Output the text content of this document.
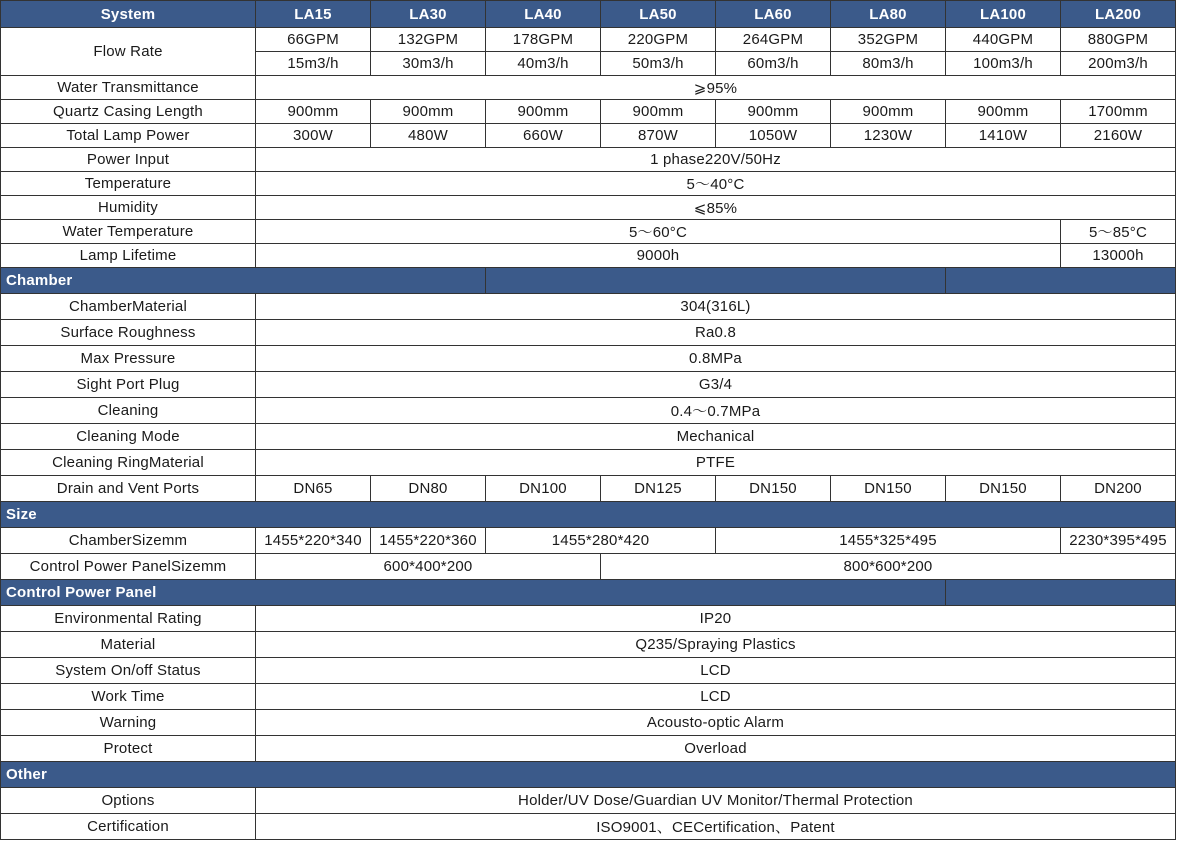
System	LA15	LA30	LA40	LA50	LA60	LA80	LA100	LA200
Flow Rate	66GPM	132GPM	178GPM	220GPM	264GPM	352GPM	440GPM	880GPM
	15m3/h	30m3/h	40m3/h	50m3/h	60m3/h	80m3/h	100m3/h	200m3/h
Water Transmittance	⩾95%							
Quartz Casing Length	900mm	900mm	900mm	900mm	900mm	900mm	900mm	1700mm
Total Lamp Power	300W	480W	660W	870W	1050W	1230W	1410W	2160W
Power Input	1 phase220V/50Hz							
Temperature	5～40°C							
Humidity	⩽85%							
Water Temperature	5～60°C							5～85°C
Lamp Lifetime	9000h							13000h
Chamber								
ChamberMaterial	304(316L)							
Surface Roughness	Ra0.8							
Max Pressure	0.8MPa							
Sight Port Plug	G3/4							
Cleaning	0.4～0.7MPa							
Cleaning Mode	Mechanical							
Cleaning RingMaterial	PTFE							
Drain and Vent Ports	DN65	DN80	DN100	DN125	DN150	DN150	DN150	DN200
Size								
ChamberSizemm	1455*220*340	1455*220*360	1455*280*420		1455*325*495			2230*395*495
Control Power PanelSizemm	600*400*200			800*600*200				
Control Power Panel								
Environmental Rating	IP20							
Material	Q235/Spraying Plastics							
System On/off Status	LCD							
Work Time	LCD							
Warning	Acousto-optic Alarm							
Protect	Overload							
Other								
Options	Holder/UV Dose/Guardian UV Monitor/Thermal Protection							
Certification	ISO9001、CECertification、Patent							
